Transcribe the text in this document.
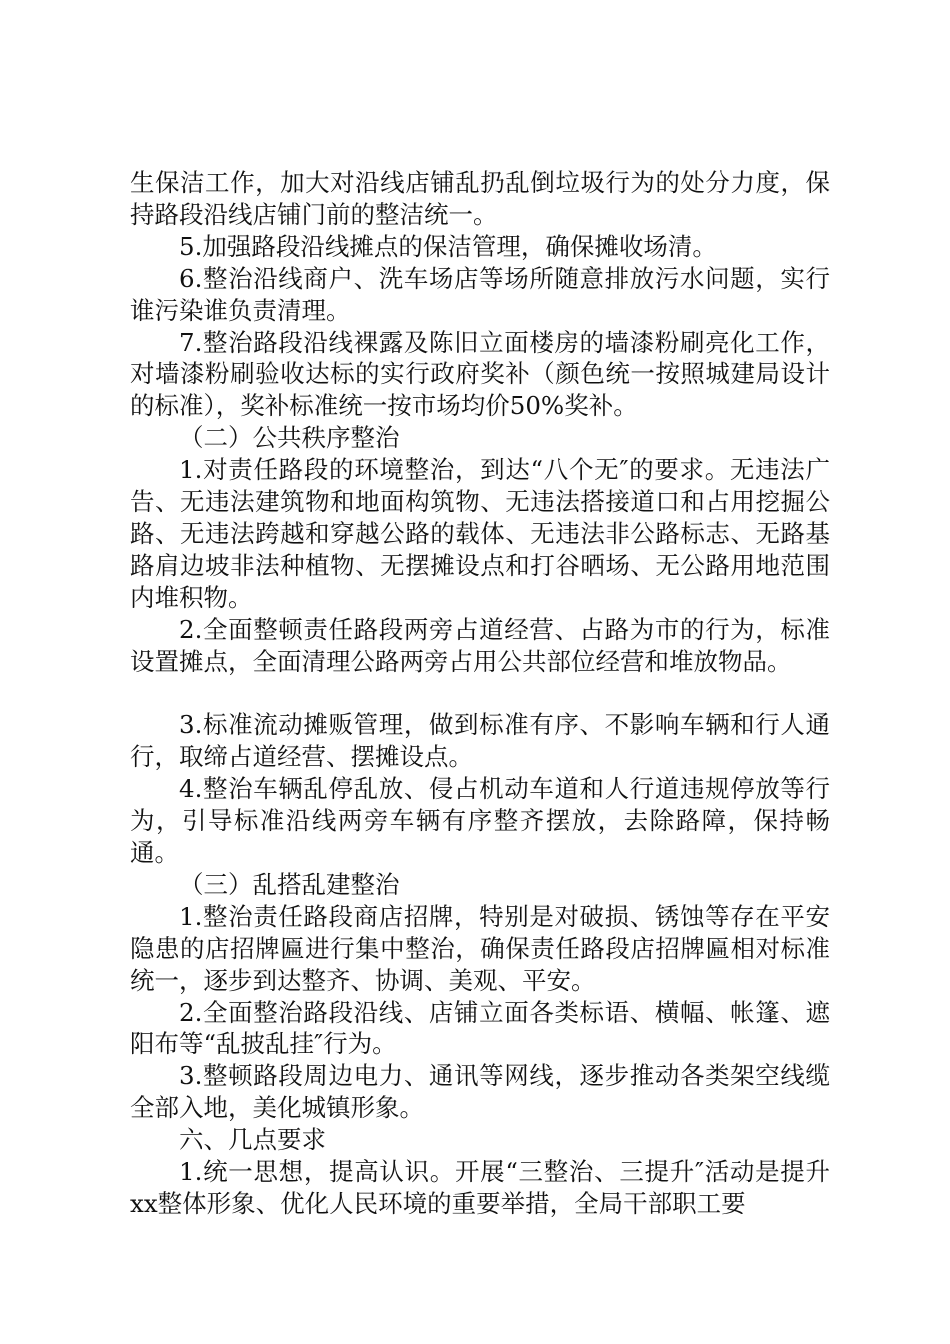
生保洁工作，加大对沿线店铺乱扔乱倒垃圾行为的处分力度，保持路段沿线店铺门前的整洁统一。

5.加强路段沿线摊点的保洁管理，确保摊收场清。

6.整治沿线商户、洗车场店等场所随意排放污水问题，实行谁污染谁负责清理。

7.整治路段沿线裸露及陈旧立面楼房的墙漆粉刷亮化工作，对墙漆粉刷验收达标的实行政府奖补（颜色统一按照城建局设计的标准），奖补标准统一按市场均价50%奖补。

（二）公共秩序整治

1.对责任路段的环境整治，到达“八个无″的要求。无违法广告、无违法建筑物和地面构筑物、无违法搭接道口和占用挖掘公路、无违法跨越和穿越公路的载体、无违法非公路标志、无路基路肩边坡非法种植物、无摆摊设点和打谷晒场、无公路用地范围内堆积物。

2.全面整顿责任路段两旁占道经营、占路为市的行为，标准设置摊点，全面清理公路两旁占用公共部位经营和堆放物品。

3.标准流动摊贩管理，做到标准有序、不影响车辆和行人通行，取缔占道经营、摆摊设点。

4.整治车辆乱停乱放、侵占机动车道和人行道违规停放等行为，引导标准沿线两旁车辆有序整齐摆放，去除路障，保持畅通。

（三）乱搭乱建整治

1.整治责任路段商店招牌，特别是对破损、锈蚀等存在平安隐患的店招牌匾进行集中整治，确保责任路段店招牌匾相对标准统一，逐步到达整齐、协调、美观、平安。

2.全面整治路段沿线、店铺立面各类标语、横幅、帐篷、遮阳布等“乱披乱挂″行为。

3.整顿路段周边电力、通讯等网线，逐步推动各类架空线缆全部入地，美化城镇形象。

六、几点要求

1.统一思想，提高认识。开展“三整治、三提升″活动是提升xx整体形象、优化人民环境的重要举措，全局干部职工要
